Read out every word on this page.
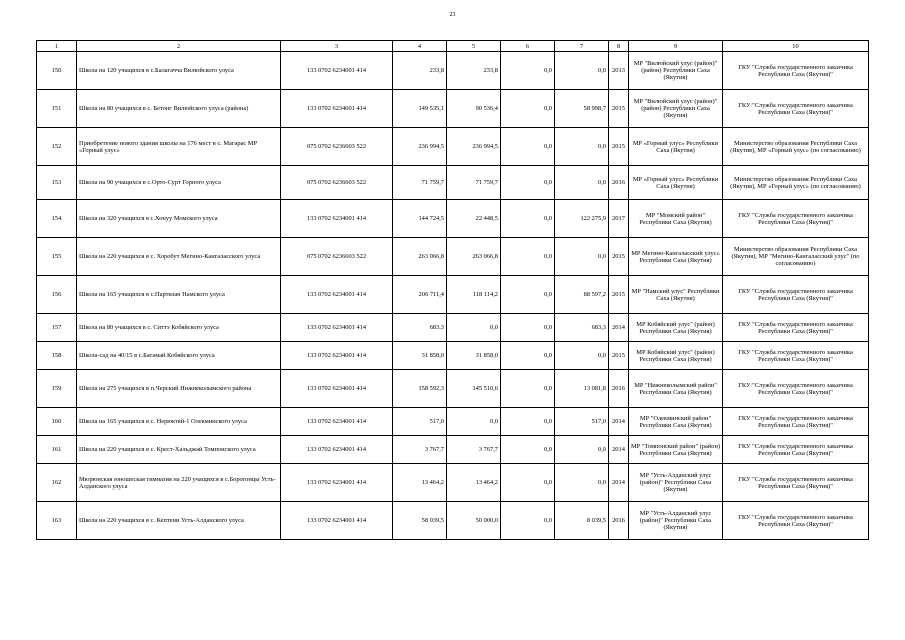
23
1	2	3	4	5	6	7	8	9	10
150	Школа на 120 учащихся в с.Балагачча Вилюйского улуса	133 0702 6234001 414	233,8	233,8	0,0	0,0	2013	МР "Вилюйский улус (район)" (район) Республики Саха (Якутия)	ГКУ "Служба государственного заказчика Республики Саха (Якутия)"
151	Школа на 80 учащихся в с. Бетонг Вилюйского улуса (района)	133 0702 6234001 414	149 535,1	90 536,4	0,0	58 998,7	2015	МР "Вилюйский улус (район)" (район) Республики Саха (Якутия)	ГКУ "Служба государственного заказчика Республики Саха (Якутия)"
152	Приобретение нового здания школы на 176 мест в с. Магарас МР «Горный улус»	075 0702 6236603 522	236 994,5	236 994,5	0,0	0,0	2015	МР «Горный улус» Республики Саха (Якутия)	Министерство образования Республики Саха (Якутия), МР «Горный улус» (по согласованию)
153	Школа на 90 учащихся в с.Орто-Сурт Горного улуса	075 0702 6236603 522	71 759,7	71 759,7	0,0	0,0	2016	МР «Горный улус» Республики Саха (Якутия)	Министерство образования Республики Саха (Якутия), МР «Горный улус» (по согласованию)
154	Школа на 320 учащихся в с.Хонуу Момского улуса	133 0702 6234001 414	144 724,5	22 448,5	0,0	122 275,9	2017	МР "Момский район" Республики Саха (Якутия)	ГКУ "Служба государственного заказчика Республики Саха (Якутия)"
155	Школа на 220 учащихся в с. Хоробут Мегино-Кангаласского улуса	075 0702 6236603 522	263 066,8	263 066,8	0,0	0,0	2015	МР Мегино-Кангаласский улус» Республики Саха (Якутия)	Министерство образования Республики Саха (Якутия), МР "Мегино-Кангаласский улус" (по согласованию)
156	Школа на 165 учащихся в с.Партизан Намского улуса	133 0702 6234001 414	206 711,4	118 114,2	0,0	88 597,2	2015	МР "Намский улус" Республики Саха (Якутия)	ГКУ "Служба государственного заказчика Республики Саха (Якутия)"
157	Школа на 80 учащихся в с. Ситтэ Кобяйского улуса	133 0702 6234001 414	683,3	0,0	0,0	683,3	2014	МР Кобяйский улус" (район) Республики Саха (Якутия)	ГКУ "Служба государственного заказчика Республики Саха (Якутия)"
158	Школа-сад на 40/15 в с.Батамай Кобяйского улуса	133 0702 6234001 414	31 858,0	31 858,0	0,0	0,0	2015	МР Кобяйский улус" (район) Республики Саха (Якутия)	ГКУ "Служба государственного заказчика Республики Саха (Якутия)"
159	Школа на 275 учащихся в п.Черский Нижнеколымского района	133 0702 6234001 414	158 592,3	145 510,6	0,0	13 081,8	2016	МР "Нижнеколымский район" Республики Саха (Якутия)	ГКУ "Служба государственного заказчика Республики Саха (Якутия)"
160	Школа на 165 учащихся в с. Нерюктяй-1 Олекминского улуса	133 0702 6234001 414	517,0	0,0	0,0	517,0	2014	МР "Олекминский район" Республики Саха (Якутия)	ГКУ "Служба государственного заказчика Республики Саха (Якутия)"
161	Школа на 220 учащихся в с. Крест-Хальджай Томпонского улуса	133 0702 6234001 414	3 767,7	3 767,7	0,0	0,0	2014	МР "Томпонский район" (район) Республики Саха (Якутия)	ГКУ "Служба государственного заказчика Республики Саха (Якутия)"
162	Мюрюнская юношеская гимназия на 220 учащихся в с.Борогонцы Усть-Алданского улуса	133 0702 6234001 414	13 464,2	13 464,2	0,0	0,0	2014	МР "Усть-Алданский улус (район)" Республики Саха (Якутия)	ГКУ "Служба государственного заказчика Республики Саха (Якутия)"
163	Школа на 220 учащихся в с. Кептени Усть-Алданского улуса	133 0702 6234001 414	58 039,5	50 000,0	0,0	8 039,5	2016	МР "Усть-Алданский улус (район)" Республики Саха (Якутия)	ГКУ "Служба государственного заказчика Республики Саха (Якутия)"
